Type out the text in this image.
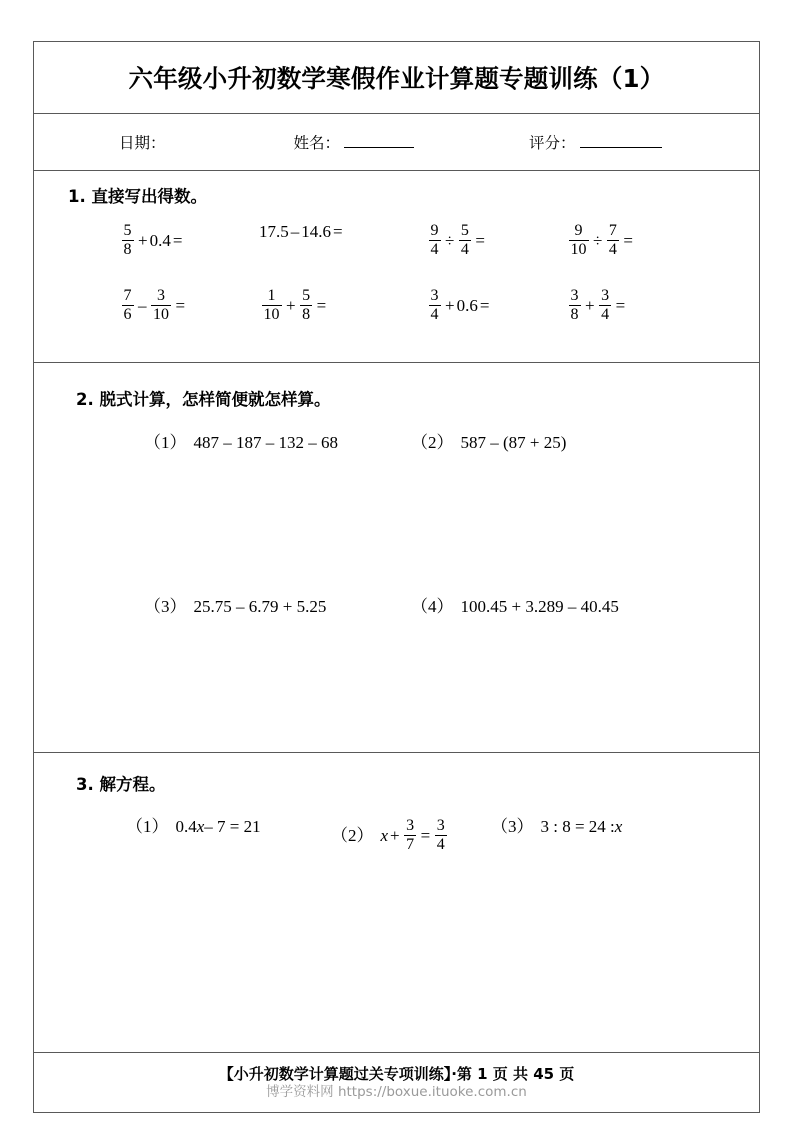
六年级小升初数学寒假作业计算题专题训练（1）
日期：	姓名：	评分：
1. 直接写出得数。
$\frac{5}{8} + 0.4$ =	17.5 – 14.6 =	$\frac{9}{4} \div \frac{5}{4}$ =	$\frac{9}{10} \div \frac{7}{4}$ =
$\frac{7}{6} - \frac{3}{10}$ =	$\frac{1}{10} + \frac{5}{8}$ =	$\frac{3}{4} + 0.6$ =	$\frac{3}{8} + \frac{3}{4}$ =
2. 脱式计算，怎样简便就怎样算。
（1） 487 – 187 – 132 – 68	（2） 587 – (87 + 25)
（3） 25.75 – 6.79 + 5.25	（4） 100.45 + 3.289 – 40.45
3. 解方程。
（1） 0.4 x – 7 = 21	（2） $x + \frac{3}{7} = \frac{3}{4}$	（3） 3 : 8 = 24 : x
【小升初数学计算题过关专项训练】·第 1 页 共 45 页
博学资料网 https://boxue.ituoke.com.cn
